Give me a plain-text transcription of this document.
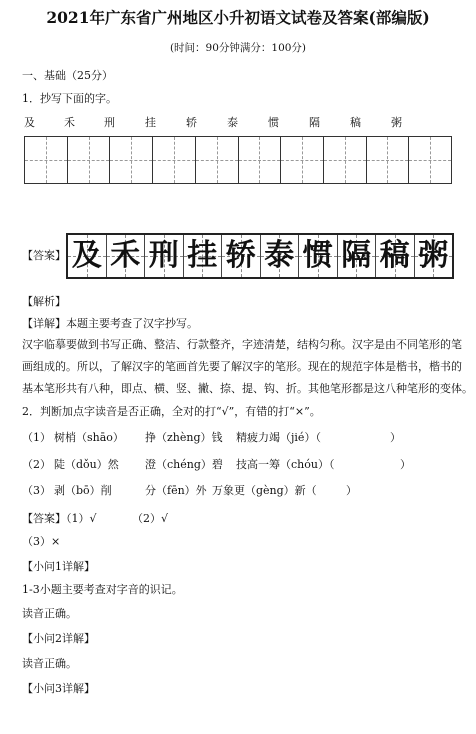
2021年广东省广州地区小升初语文试卷及答案(部编版)
(时间：90分钟满分：100分)
一、基础（25分）
1．抄写下面的字。
及	禾	刑	挂	轿	泰	惯	隔	稿	粥
【答案】 及 禾 刑 挂 轿 泰 惯 隔 稿 粥
【解析】
【详解】本题主要考查了汉字抄写。
汉字临摹要做到书写正确、整洁、行款整齐，字迹清楚，结构匀称。汉字是由不同笔形的笔
画组成的。所以，了解汉字的笔画首先要了解汉字的笔形。现在的规范字体是楷书，楷书的
基本笔形共有八种，即点、横、竖、撇、捺、提、钩、折。其他笔形都是这八种笔形的变体。
2．判断加点字读音是否正确，全对的打“√”，有错的打“×”。
（1） 树梢（shāo） 挣（zhèng）钱 精疲力竭（jié）（	）
（2） 陡（dǒu）然 澄（chéng）碧 技高一筹（chóu）（	）
（3） 剥（bō）削	分（fēn）外 万象更（gèng）新（	）
【答案】（1）√	（2）√
（3）×
【小问1详解】
1-3小题主要考查对字音的识记。
读音正确。
【小问2详解】
读音正确。
【小问3详解】
